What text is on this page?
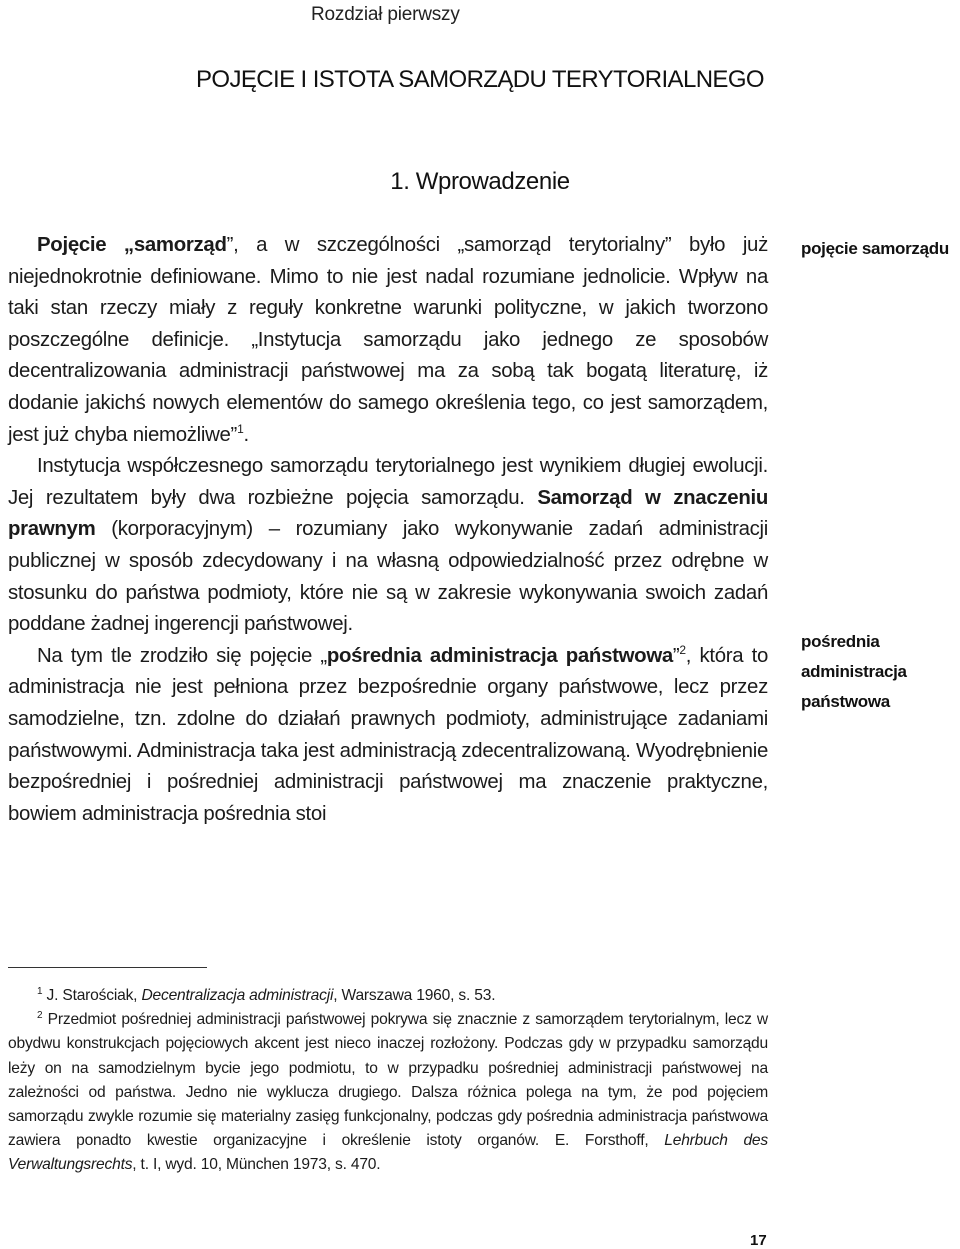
Rozdział pierwszy
POJĘCIE I ISTOTA SAMORZĄDU TERYTORIALNEGO
1. Wprowadzenie

Pojęcie „samorząd”, a w szczególności „samorząd terytorialny” było już niejednokrotnie definiowane. Mimo to nie jest nadal rozumiane jednolicie. Wpływ na taki stan rzeczy miały z reguły konkretne warunki polityczne, w jakich tworzono poszczególne definicje. „Instytucja samorządu jako jednego ze sposobów decentralizowania administracji państwowej ma za sobą tak bogatą literaturę, iż dodanie jakichś nowych elementów do samego określenia tego, co jest samorządem, jest już chyba niemożliwe”$^1$.

Instytucja współczesnego samorządu terytorialnego jest wynikiem długiej ewolucji. Jej rezultatem były dwa rozbieżne pojęcia samorządu. Samorząd w znaczeniu prawnym (korporacyjnym) – rozumiany jako wykonywanie zadań administracji publicznej w sposób zdecydowany i na własną odpowiedzialność przez odrębne w stosunku do państwa podmioty, które nie są w zakresie wykonywania swoich zadań poddane żadnej ingerencji państwowej.

Na tym tle zrodziło się pojęcie „pośrednia administracja państwowa”$^2$, która to administracja nie jest pełniona przez bezpośrednie organy państwowe, lecz przez samodzielne, tzn. zdolne do działań prawnych podmioty, administrujące zadaniami państwowymi. Administracja taka jest administracją zdecentralizowaną. Wyodrębnienie bezpośredniej i pośredniej administracji państwowej ma znaczenie praktyczne, bowiem administracja pośrednia stoi

pojęcie samorządu
pośrednia
administracja
państwowa

$^1$ J. Starościak, Decentralizacja administracji, Warszawa 1960, s. 53.

$^2$ Przedmiot pośredniej administracji państwowej pokrywa się znacznie z samorządem terytorialnym, lecz w obydwu konstrukcjach pojęciowych akcent jest nieco inaczej rozłożony. Podczas gdy w przypadku samorządu leży on na samodzielnym bycie jego podmiotu, to w przypadku pośredniej administracji państwowej na zależności od państwa. Jedno nie wyklucza drugiego. Dalsza różnica polega na tym, że pod pojęciem samorządu zwykle rozumie się materialny zasięg funkcjonalny, podczas gdy pośrednia administracja państwowa zawiera ponadto kwestie organizacyjne i określenie istoty organów. E. Forsthoff, Lehrbuch des Verwaltungsrechts, t. I, wyd. 10, München 1973, s. 470.

17
